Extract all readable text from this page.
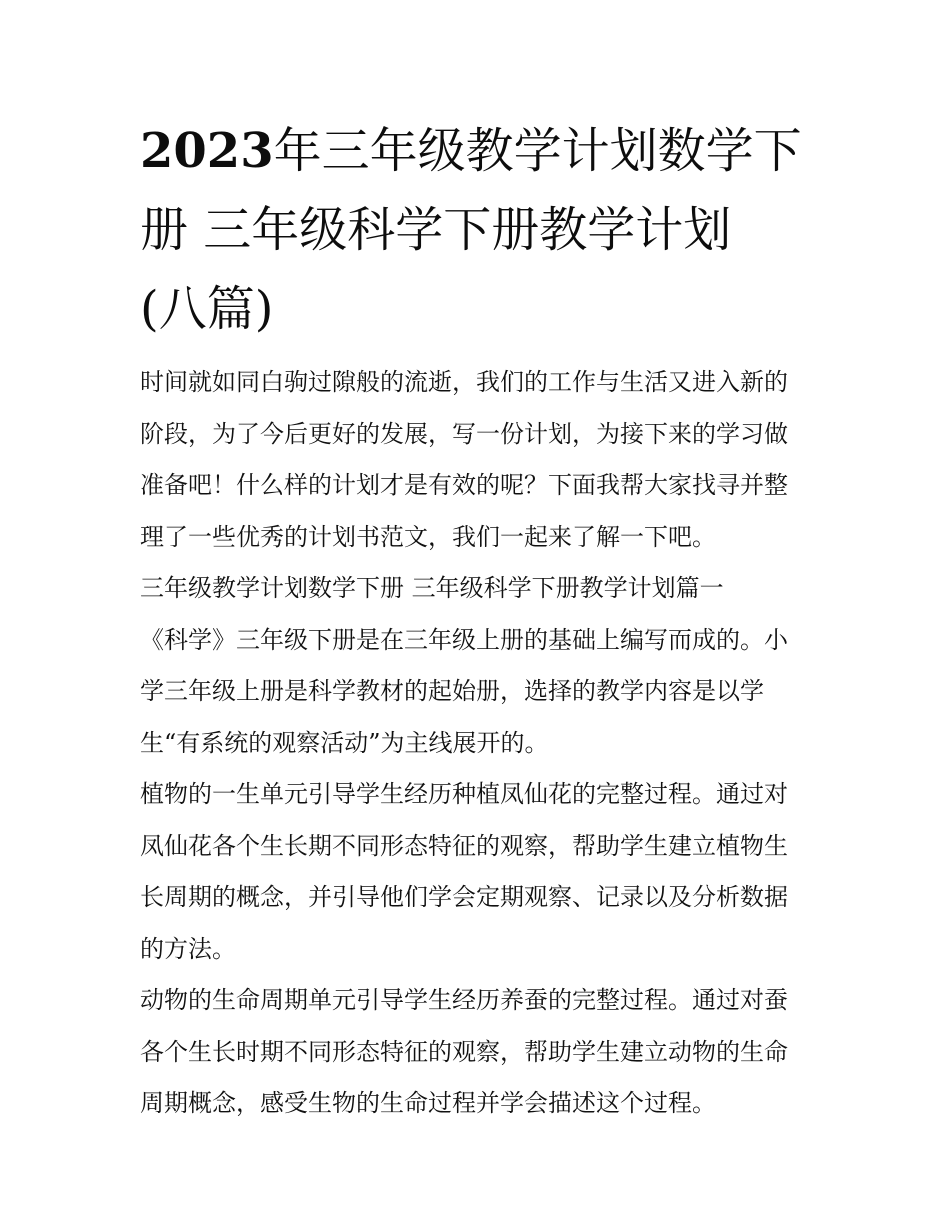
2023年三年级教学计划数学下
册 三年级科学下册教学计划
(八篇)
时间就如同白驹过隙般的流逝，我们的工作与生活又进入新的
阶段，为了今后更好的发展，写一份计划，为接下来的学习做
准备吧！什么样的计划才是有效的呢？下面我帮大家找寻并整
理了一些优秀的计划书范文，我们一起来了解一下吧。
三年级教学计划数学下册 三年级科学下册教学计划篇一
《科学》三年级下册是在三年级上册的基础上编写而成的。小
学三年级上册是科学教材的起始册，选择的教学内容是以学
生“有系统的观察活动”为主线展开的。
植物的一生单元引导学生经历种植凤仙花的完整过程。通过对
凤仙花各个生长期不同形态特征的观察，帮助学生建立植物生
长周期的概念，并引导他们学会定期观察、记录以及分析数据
的方法。
动物的生命周期单元引导学生经历养蚕的完整过程。通过对蚕
各个生长时期不同形态特征的观察，帮助学生建立动物的生命
周期概念，感受生物的生命过程并学会描述这个过程。
